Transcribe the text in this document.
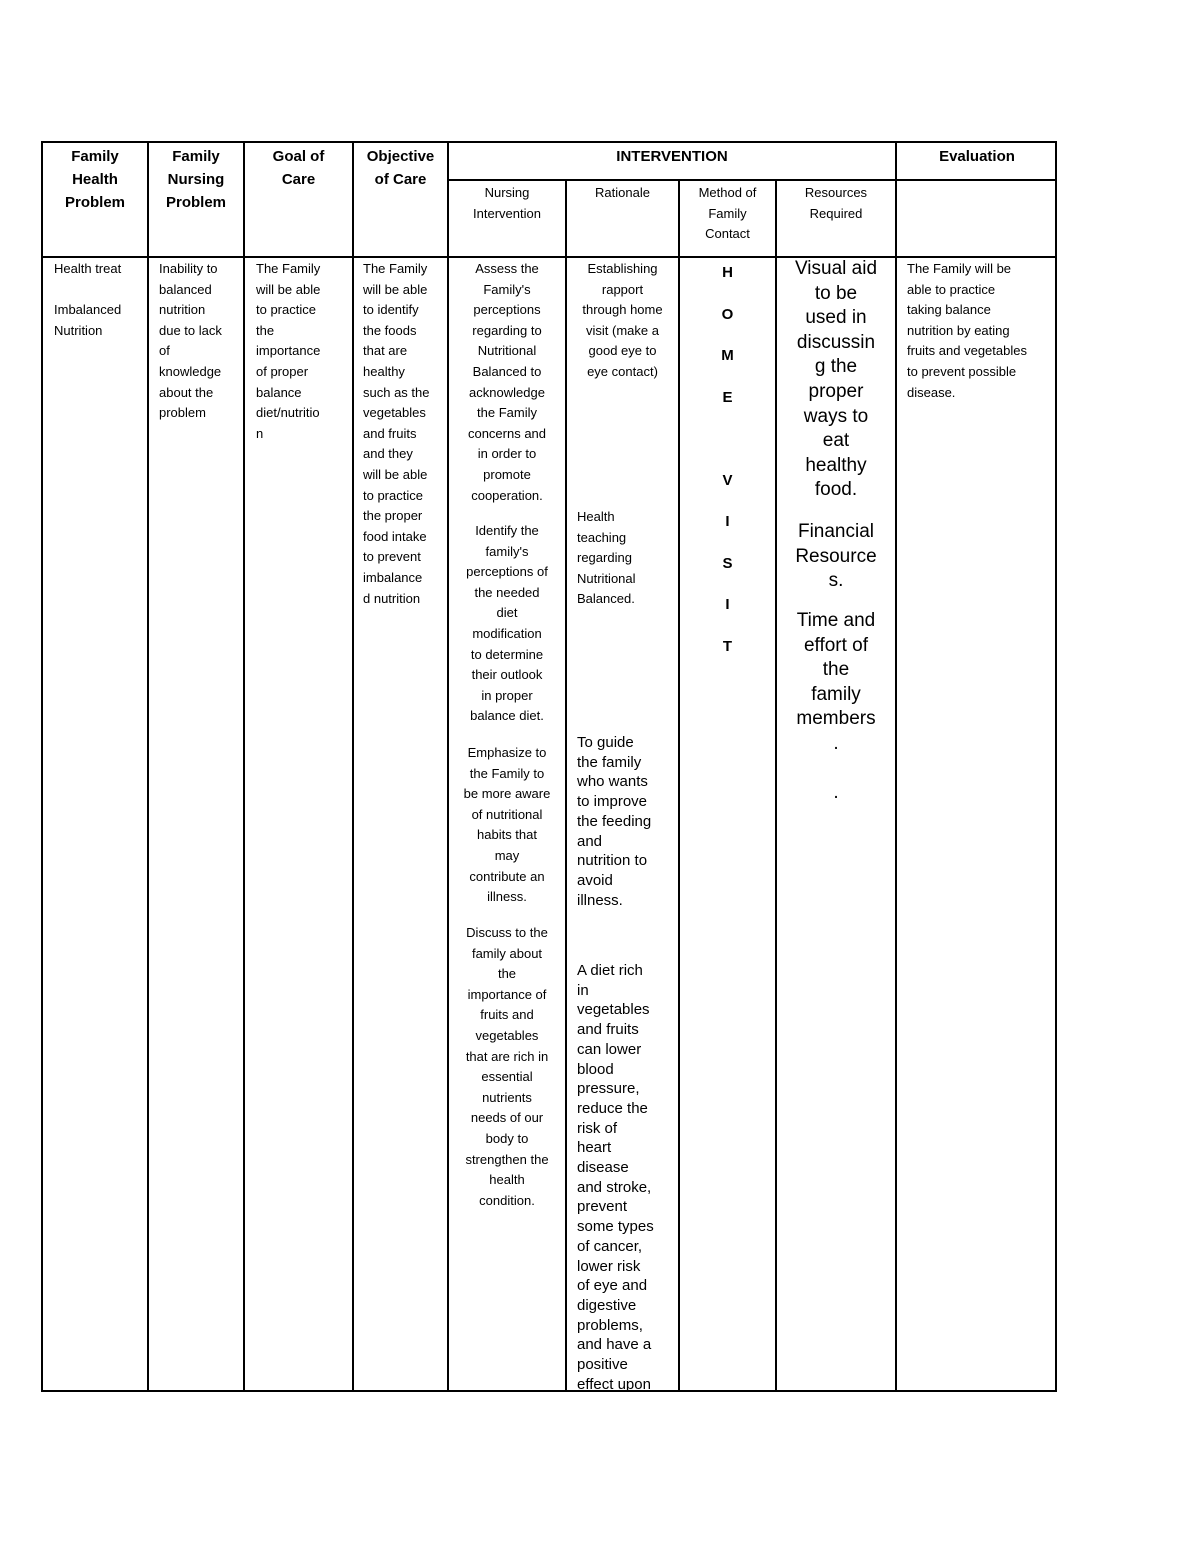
Family
Health
Problem
Family
Nursing
Problem
Goal of
Care
Objective
of Care
INTERVENTION	Evaluation
Nursing
Intervention
Rationale	Method of
Family
Contact
Resources
Required
Health treat

Imbalanced
Nutrition
Inability to
balanced
nutrition
due to lack
of
knowledge
about the
problem
The Family
will be able
to practice
the
importance
of proper
balance
diet/nutritio
n
The Family
will be able
to identify
the foods
that are
healthy
such as the
vegetables
and fruits
and they
will be able
to practice
the proper
food intake
to prevent
imbalance
d nutrition
Assess the
Family's
perceptions
regarding to
Nutritional
Balanced to
acknowledge
the Family
concerns and
in order to
promote
cooperation.
Identify the
family's
perceptions of
the needed
diet
modification
to determine
their outlook
in proper
balance diet.
Emphasize to
the Family to
be more aware
of nutritional
habits that
may
contribute an
illness.
Discuss to the
family about
the
importance of
fruits and
vegetables
that are rich in
essential
nutrients
needs of our
body to
strengthen the
health
condition.
Establishing
rapport
through home
visit (make a
good eye to
eye contact)
Health
teaching
regarding
Nutritional
Balanced.
To guide
the family
who wants
to improve
the feeding
and
nutrition to
avoid
illness.
A diet rich
in
vegetables
and fruits
can lower
blood
pressure,
reduce the
risk of
heart
disease
and stroke,
prevent
some types
of cancer,
lower risk
of eye and
digestive
problems,
and have a
positive
effect upon
H
O
M
E

V
I
S
I
T
Visual aid
to be
used in
discussin
g the
proper
ways to
eat
healthy
food.
Financial
Resource
s.
Time and
effort of
the
family
members
.

.
The Family will be
able to practice
taking balance
nutrition by eating
fruits and vegetables
to prevent possible
disease.
